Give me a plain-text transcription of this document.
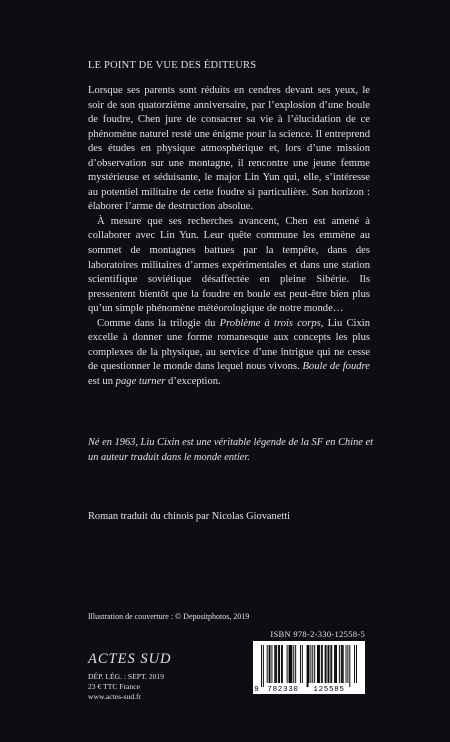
LE POINT DE VUE DES ÉDITEURS

Lorsque ses parents sont réduits en cendres devant ses yeux, le soir de son quatorzième anniversaire, par l’explosion d’une boule de foudre, Chen jure de consacrer sa vie à l’élucidation de ce phénomène naturel resté une énigme pour la science. Il entreprend des études en physique atmosphérique et, lors d’une mission d’observation sur une montagne, il rencontre une jeune femme mystérieuse et séduisante, le major Lin Yun qui, elle, s’intéresse au potentiel militaire de cette foudre si particulière. Son horizon : élaborer l’arme de destruction absolue.

À mesure que ses recherches avancent, Chen est amené à collaborer avec Lin Yun. Leur quête commune les emmène au sommet de montagnes battues par la tempête, dans des laboratoires militaires d’armes expérimentales et dans une station scientifique soviétique désaffectée en pleine Sibérie. Ils pressentent bientôt que la foudre en boule est peut-être bien plus qu’un simple phénomène météorologique de notre monde…

Comme dans la trilogie du Problème à trois corps, Liu Cixin excelle à donner une forme romanesque aux concepts les plus complexes de la physique, au service d’une intrigue qui ne cesse de questionner le monde dans lequel nous vivons. Boule de foudre est un page turner d’exception.

Né en 1963, Liu Cixin est une véritable légende de la SF en Chine et un auteur traduit dans le monde entier.

Roman traduit du chinois par Nicolas Giovanetti
Illustration de couverture : © Depositphotos, 2019
ISBN 978-2-330-12558-5
ACTES SUD
DÉP. LÉG. : SEPT. 2019
23 € TTC France
www.actes-sud.fr
9 782330 125585
